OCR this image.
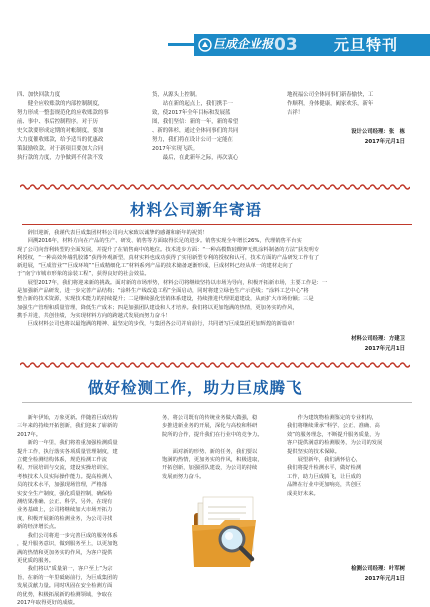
巨成企业报 03 元旦特刊
四、加快回款力度
　　健全应收账款的内部控制制度，
努力形成一整套规范化的应收账款的事
前、事中、事后控制程序。对于历
史欠款要形成定期的对帐制度，要加
大力度催收账款，给予适当的优惠政
策鼓励收款。对于新项目要加大合同
执行款的力度，力争做到不付款不发
货，从源头上控制。
　　站在新的起点上，我们携手一
致，使2017年全年目标和发展蓝
图，我们坚信：新的一年，新的希望
、新的韩杉，通过全体同事们的共同
努力，我们将在设计公司一定能在
2017年实现飞跃。
　　最后，在此新年之际，再次衷心
地祝福公司全体同事们新春愉快，工
作顺利，身体健康，阖家欢乐，新年
吉祥！
设计公司经理：张　栋
2017年元月1日
材料公司新年寄语
　　辞旧迎新，我谨代表巨成集团材料公司向大家致以诚挚的感谢和新年的祝贺！
　　回溯2016年，材料方向在产品的生产、研发、销售等方面取得长足的进步。销售实现全年增长26%，代理销售平台实
现了公司向营利转型的全面发展，并提升了在销售商中的地位。技术进步方面：“一种高模数硅酸钾无机涂料制备的方法”获发明专
利授权，“一种高效外墙乳胶漆”获得外观新型，真材实料也成功获得了实用新型专利的授权和认可，技术方面的产品研发工作有了
新进展，“巨成管业”“巨成环境”“巨成精细化工”材料系列产品的技术储备逐渐形成，巨成材料已经从单一的建材走向了
于“南宁市城市形象的涂装工程”，获得良好的社会效益。
　　展望2017年，我们将迎来新的挑战。面对新的市场形势，材料公司将继续坚持以市场为导向，积极开拓新市场，主要工作是：一
是加强新产品研发，进一步完善产品结构；“涂料生产线改造工程”全面启动，同时将建立绿色生产示范线；“涂料工艺中心”将
整合新的技术资源，实现技术能力的持续提升；二是继续强化营销体系建设，持续推进代理渠道建设，从而扩大市场份额；三是
加强生产管理和质量管理，降低生产成本；四是加强团队建设和人才培养。我们将以更加饱满的热情，更加务实的作风，
携手并进，共创佳绩，为实现材料方向的跨越式发展而努力奋斗！
　　巨成材料公司也将以最饱满的精神、最坚定的步伐，与集团各公司并肩前行，共同谱写巨成集团更加辉煌的新篇章！
材料公司经理：方建卫
2017年元月1日
做好检测工作，助力巨成腾飞
　　新年伊始，万象更新。伴随着巨成结构
三年来的持续开拓创新，我们迎来了崭新的
2017年。
　　新的一年里，我们将着重加强检测质量
提升工作，执行落实各项质量管理制度，建
立健全检测结构体系，规范检测工作流
程，开展培训与交流，建设实操培训室，
考核技术人员实际操作能力。提高检测人
员的技术水平，加强现场管理，严格落
实安全生产制度，强化质量控制，确保检
测结果准确、公正、科学。另外，在现有
业务基础上，公司将继续加大市场开拓力
度，积极开展新的检测业务，为公司寻找
新的经济增长点。
　　我们公司将进一步完善巨成的服务体系
，提升服务意识，做到服务至上，以更加饱
满的热情和更加务实的作风，为客户提供
更优质的服务。
　　我们将以“质量第一，客户至上”为宗
旨，在新的一年里砥砺前行，为巨成集团的
发展贡献力量。同时巩固在安全检测方面
的优势，积极拓展新的检测领域，争取在
2017年取得更好的成绩。
务，将公司既有的传统业务做大做强，稳
步推进新业务的开展，深化与高校和科研
院所的合作，提升我们在行业中的竞争力。

　　面对新的形势、新的任务，我们要以
饱满的热情，更加务实的作风，积极进取，
开拓创新，加强团队建设，为公司的持续
发展而努力奋斗。
　　作为建筑物检测鉴定的专业机构，
我们将继续秉承“科学、公正、准确、高
效”的服务理念，不断提升服务质量，为
客户提供满意的检测服务，为公司的发展
提供坚实的技术保障。
　　展望新年，我们满怀信心，
我们将提升检测水平，做好检测
工作，助力巨成腾飞，让巨成的
品牌在行业中更加响亮，共创巨
成美好未来。
检测公司经理：叶军树
2017年元月1日
